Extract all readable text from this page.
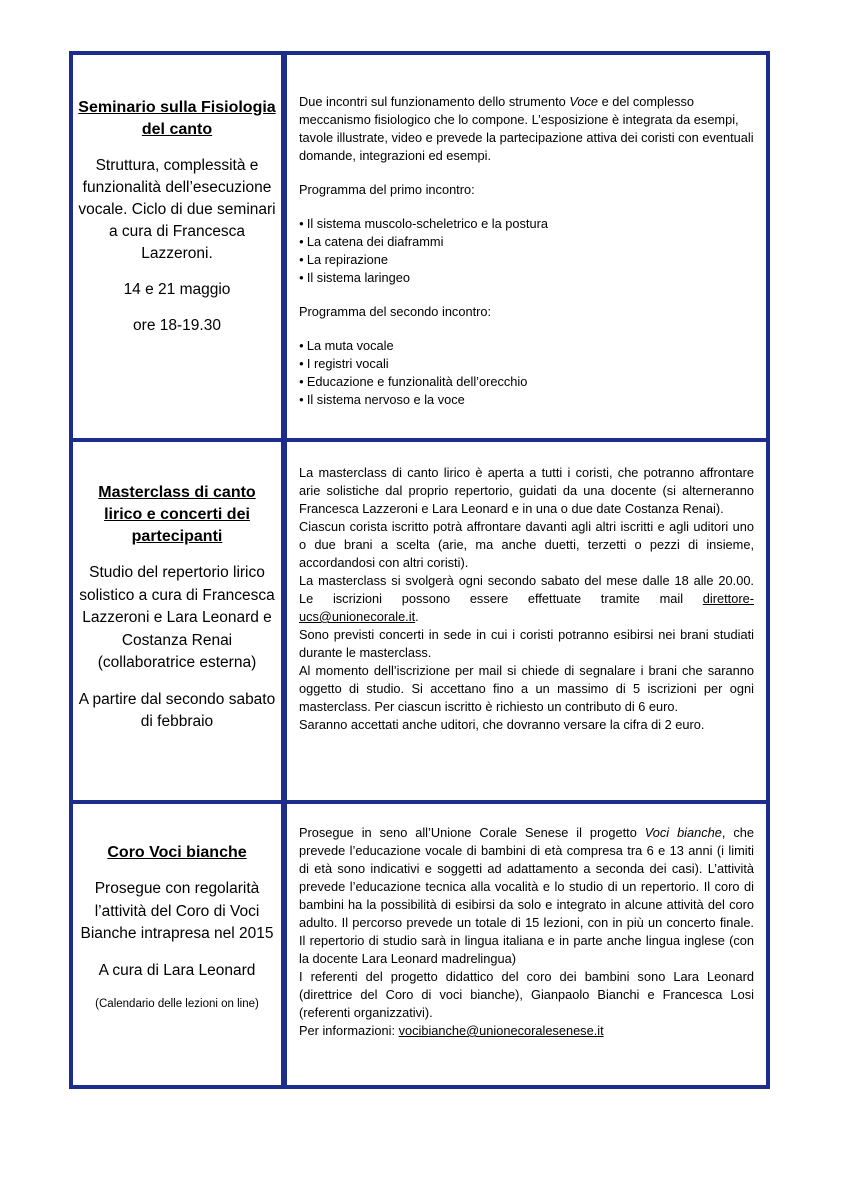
Seminario sulla Fisiologia del canto

Struttura, complessità e funzionalità dell’esecuzione vocale. Ciclo di due seminari a cura di Francesca Lazzeroni.

14 e 21 maggio

ore 18-19.30

Due incontri sul funzionamento dello strumento Voce e del complesso meccanismo fisiologico che lo compone. L’esposizione è integrata da esempi, tavole illustrate, video e prevede la partecipazione attiva dei coristi con eventuali domande, integrazioni ed esempi.

Programma del primo incontro:

● Il sistema muscolo-scheletrico e la postura
● La catena dei diaframmi
● La repirazione
● Il sistema laringeo

Programma del secondo incontro:

● La muta vocale
● I registri vocali
● Educazione e funzionalità dell’orecchio
● Il sistema nervoso e la voce

Masterclass di canto lirico e concerti dei partecipanti

Studio del repertorio lirico solistico a cura di Francesca Lazzeroni e Lara Leonard e Costanza Renai (collaboratrice esterna)

A partire dal secondo sabato di febbraio

La masterclass di canto lirico è aperta a tutti i coristi, che potranno affrontare arie solistiche dal proprio repertorio, guidati da una docente (si alterneranno Francesca Lazzeroni e Lara Leonard e in una o due date Costanza Renai).

Ciascun corista iscritto potrà affrontare davanti agli altri iscritti e agli uditori uno o due brani a scelta (arie, ma anche duetti, terzetti o pezzi di insieme, accordandosi con altri coristi).

La masterclass si svolgerà ogni secondo sabato del mese dalle 18 alle 20.00. Le iscrizioni possono essere effettuate tramite mail direttore-ucs@unionecorale.it.

Sono previsti concerti in sede in cui i coristi potranno esibirsi nei brani studiati durante le masterclass.

Al momento dell’iscrizione per mail si chiede di segnalare i brani che saranno oggetto di studio. Si accettano fino a un massimo di 5 iscrizioni per ogni masterclass. Per ciascun iscritto è richiesto un contributo di 6 euro.

Saranno accettati anche uditori, che dovranno versare la cifra di 2 euro.

Coro Voci bianche

Prosegue con regolarità l’attività del Coro di Voci Bianche intrapresa nel 2015

A cura di Lara Leonard

(Calendario delle lezioni on line)

Prosegue in seno all’Unione Corale Senese il progetto Voci bianche, che prevede l’educazione vocale di bambini di età compresa tra 6 e 13 anni (i limiti di età sono indicativi e soggetti ad adattamento a seconda dei casi). L’attività prevede l’educazione tecnica alla vocalità e lo studio di un repertorio. Il coro di bambini ha la possibilità di esibirsi da solo e integrato in alcune attività del coro adulto. Il percorso prevede un totale di 15 lezioni, con in più un concerto finale. Il repertorio di studio sarà in lingua italiana e in parte anche lingua inglese (con la docente Lara Leonard madrelingua)

I referenti del progetto didattico del coro dei bambini sono Lara Leonard (direttrice del Coro di voci bianche), Gianpaolo Bianchi e Francesca Losi (referenti organizzativi).

Per informazioni: vocibianche@unionecoralesenese.it
